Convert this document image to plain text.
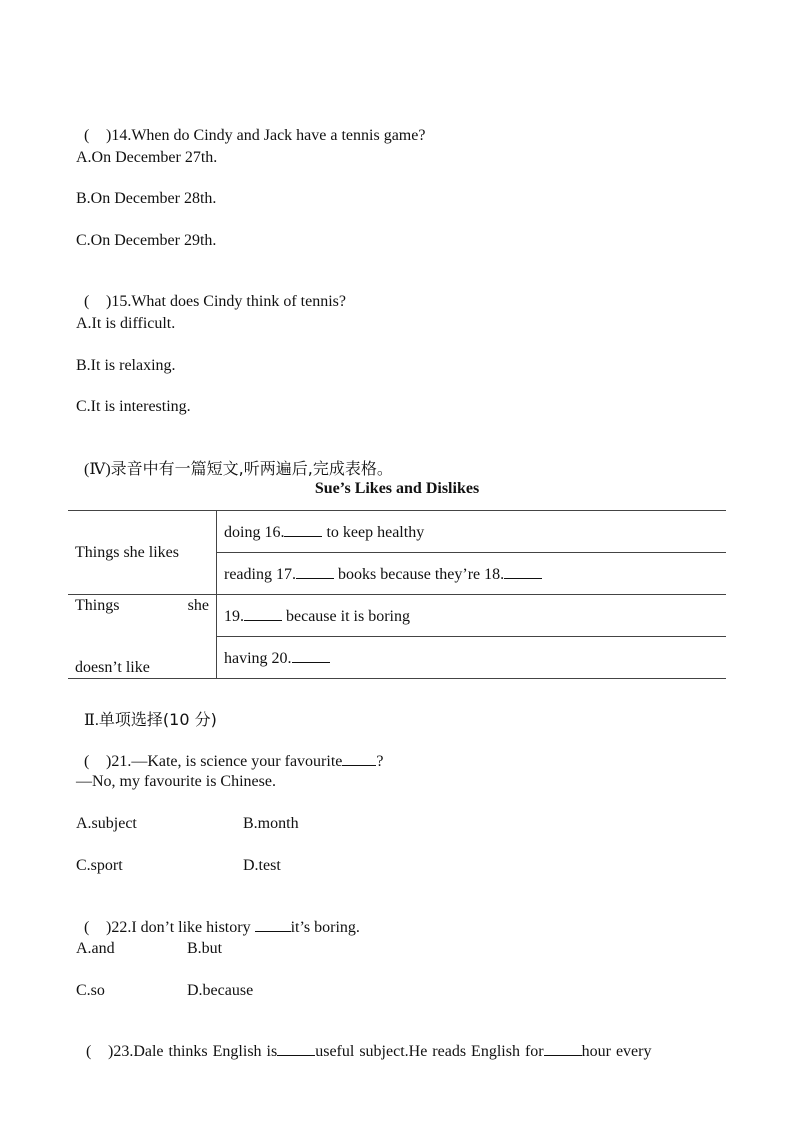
( )14.When do Cindy and Jack have a tennis game?

A.On December 27th.
B.On December 28th.
C.On December 29th.

( )15.What does Cindy think of tennis?

A.It is difficult.
B.It is relaxing.
C.It is interesting.

(Ⅳ)录音中有一篇短文,听两遍后,完成表格。

Sue’s Likes and Dislikes
Things she likes	doing 16. to keep healthy
	reading 17. books because they’re 18.

Things she
doesn’t like	19. because it is boring
	having 20.

Ⅱ.单项选择(10 分)

( )21.—Kate, is science your favourite ?

—No, my favourite is Chinese.
A.subject	B.month
C.sport	D.test

( )22.I don’t like history it’s boring.

A.and	B.but
C.so	D.because

( )23.Dale thinks English is useful subject.He reads English for hour every
